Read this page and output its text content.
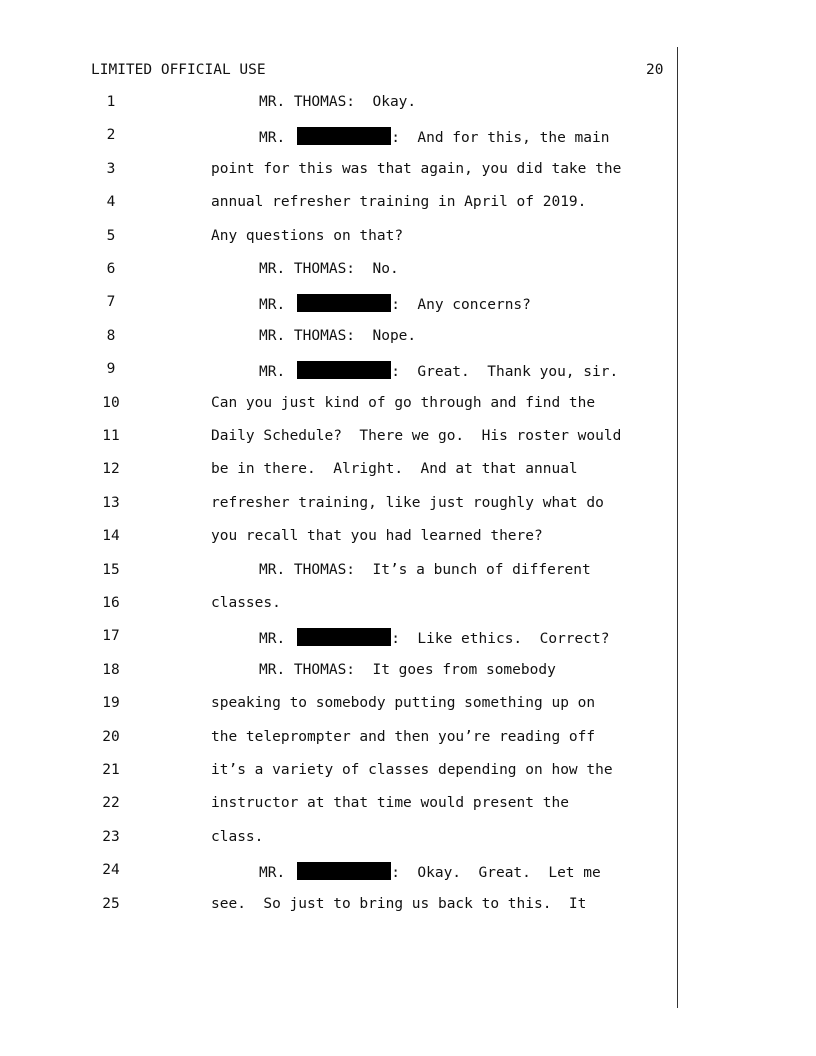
LIMITED OFFICIAL USE	20
1	MR. THOMAS:  Okay.
2	MR.	:  And for this, the main
3	point for this was that again, you did take the
4	annual refresher training in April of 2019.
5	Any questions on that?
6	MR. THOMAS:  No.
7	MR.	:  Any concerns?
8	MR. THOMAS:  Nope.
9	MR.	:  Great.  Thank you, sir.
10	Can you just kind of go through and find the
11	Daily Schedule?  There we go.  His roster would
12	be in there.  Alright.  And at that annual
13	refresher training, like just roughly what do
14	you recall that you had learned there?
15	MR. THOMAS:  It’s a bunch of different
16	classes.
17	MR.	:  Like ethics.  Correct?
18	MR. THOMAS:  It goes from somebody
19	speaking to somebody putting something up on
20	the teleprompter and then you’re reading off
21	it’s a variety of classes depending on how the
22	instructor at that time would present the
23	class.
24	MR.	:  Okay.  Great.  Let me
25	see.  So just to bring us back to this.  It
